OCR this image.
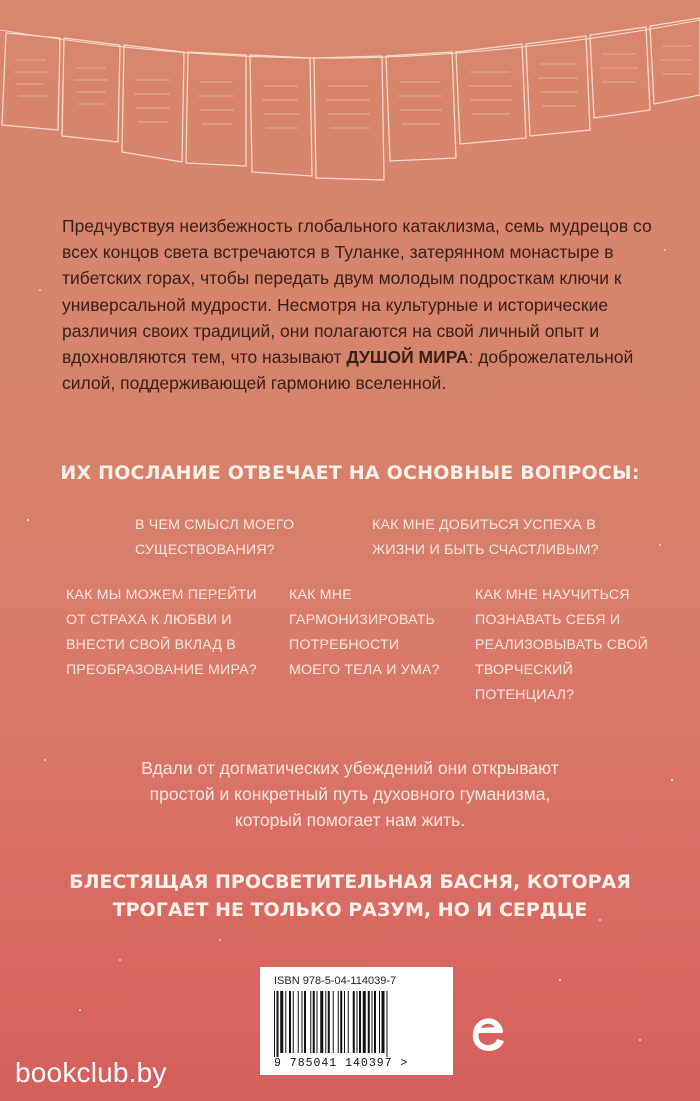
Предчувствуя неизбежность глобального катаклизма, семь мудрецов со всех концов света встречаются в Туланке, затерянном монастыре в тибетских горах, чтобы передать двум молодым подросткам ключи к универсальной мудрости. Несмотря на культурные и исторические различия своих традиций, они полагаются на свой личный опыт и вдохновляются тем, что называют ДУШОЙ МИРА: доброжелательной силой, поддерживающей гармонию вселенной.
ИХ ПОСЛАНИЕ ОТВЕЧАЕТ НА ОСНОВНЫЕ ВОПРОСЫ:
В ЧЕМ СМЫСЛ МОЕГО СУЩЕСТВОВАНИЯ?
КАК МНЕ ДОБИТЬСЯ УСПЕХА В ЖИЗНИ И БЫТЬ СЧАСТЛИВЫМ?
КАК МЫ МОЖЕМ ПЕРЕЙТИ ОТ СТРАХА К ЛЮБВИ И ВНЕСТИ СВОЙ ВКЛАД В ПРЕОБРАЗОВАНИЕ МИРА?
КАК МНЕ ГАРМОНИЗИРОВАТЬ ПОТРЕБНОСТИ МОЕГО ТЕЛА И УМА?
КАК МНЕ НАУЧИТЬСЯ ПОЗНАВАТЬ СЕБЯ И РЕАЛИЗОВЫВАТЬ СВОЙ ТВОРЧЕСКИЙ ПОТЕНЦИАЛ?
Вдали от догматических убеждений они открывают простой и конкретный путь духовного гуманизма, который помогает нам жить.
БЛЕСТЯЩАЯ ПРОСВЕТИТЕЛЬНАЯ БАСНЯ, КОТОРАЯ
ТРОГАЕТ НЕ ТОЛЬКО РАЗУМ, НО И СЕРДЦЕ
ISBN 978-5-04-114039-7
9 785041 140397 >
bookclub.by
